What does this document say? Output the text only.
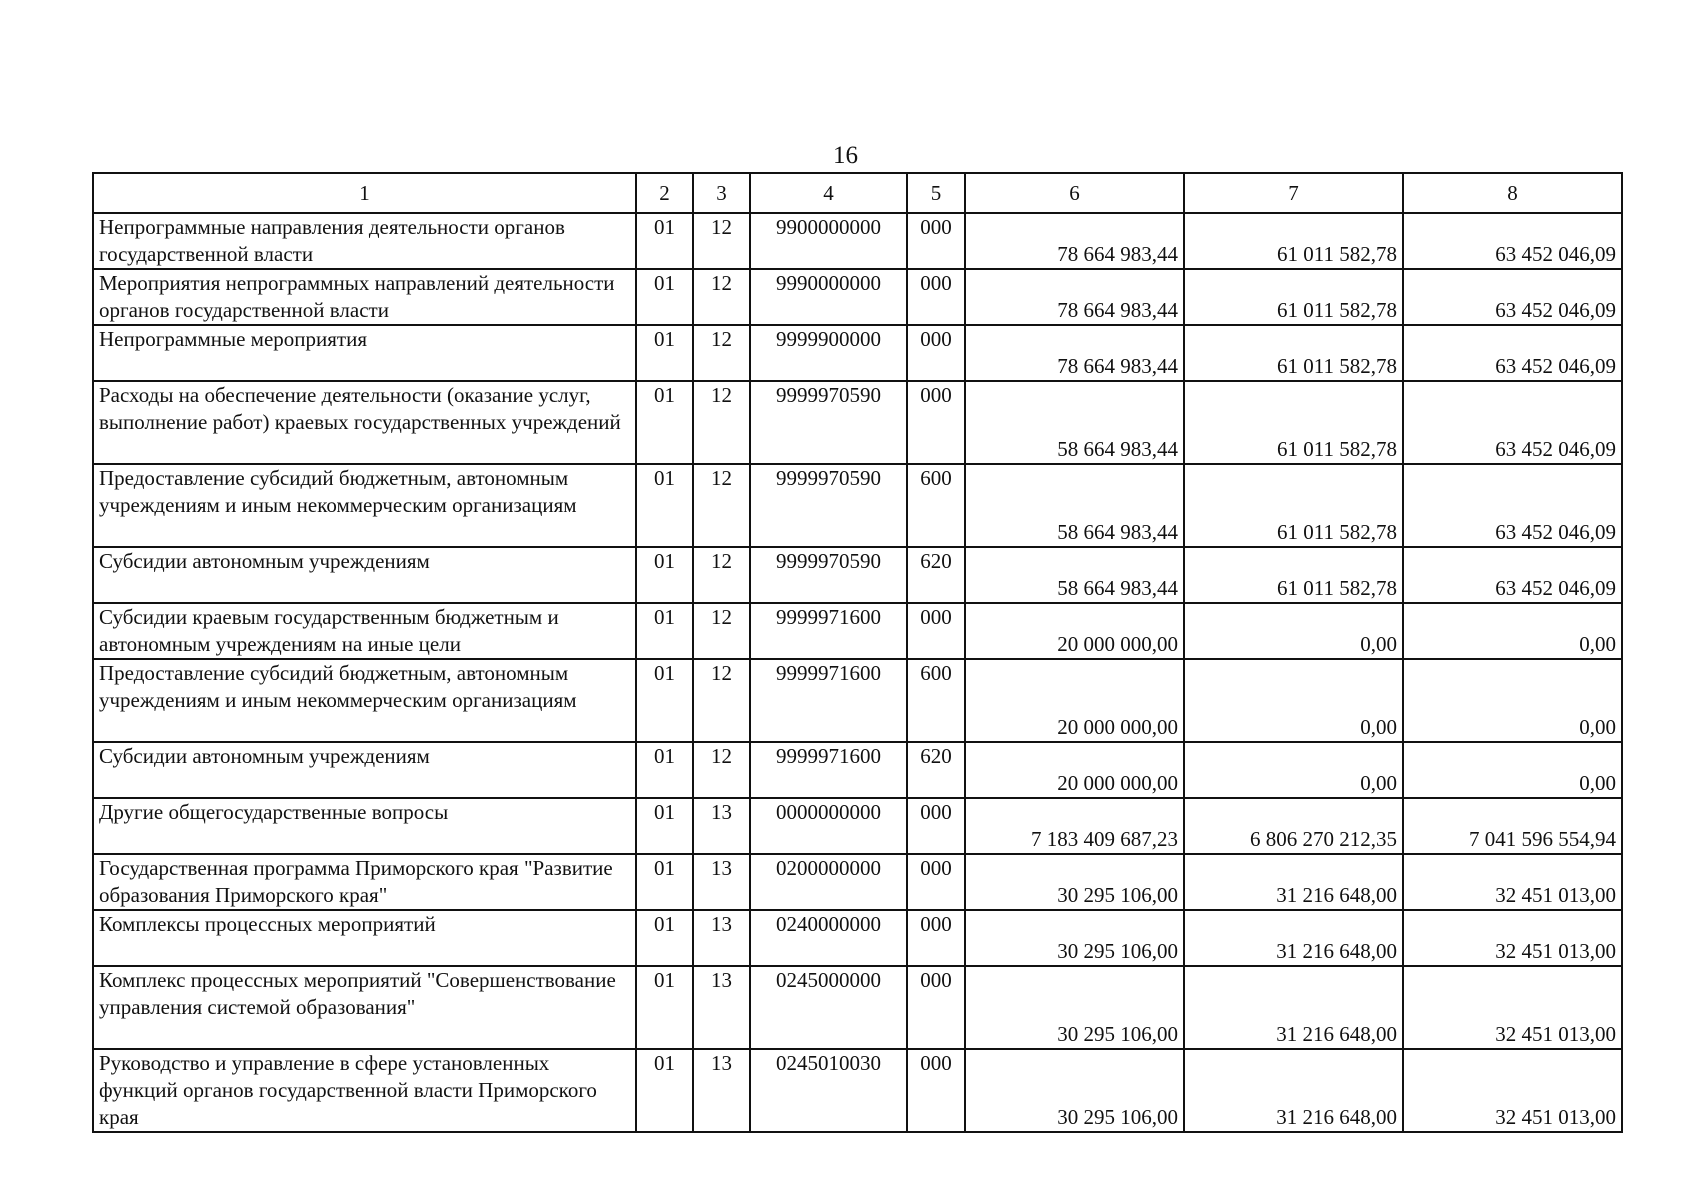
16
1	2	3	4	5	6	7	8
Непрограммные направления деятельности органов государственной власти	01	12	9900000000	000	78 664 983,44	61 011 582,78	63 452 046,09
Мероприятия непрограммных направлений деятельности органов государственной власти	01	12	9990000000	000	78 664 983,44	61 011 582,78	63 452 046,09
Непрограммные мероприятия	01	12	9999900000	000	78 664 983,44	61 011 582,78	63 452 046,09
Расходы на обеспечение деятельности (оказание услуг, выполнение работ) краевых государственных учреждений	01	12	9999970590	000	58 664 983,44	61 011 582,78	63 452 046,09
Предоставление субсидий бюджетным, автономным учреждениям и иным некоммерческим организациям	01	12	9999970590	600	58 664 983,44	61 011 582,78	63 452 046,09
Субсидии автономным учреждениям	01	12	9999970590	620	58 664 983,44	61 011 582,78	63 452 046,09
Субсидии краевым государственным бюджетным и автономным учреждениям на иные цели	01	12	9999971600	000	20 000 000,00	0,00	0,00
Предоставление субсидий бюджетным, автономным учреждениям и иным некоммерческим организациям	01	12	9999971600	600	20 000 000,00	0,00	0,00
Субсидии автономным учреждениям	01	12	9999971600	620	20 000 000,00	0,00	0,00
Другие общегосударственные вопросы	01	13	0000000000	000	7 183 409 687,23	6 806 270 212,35	7 041 596 554,94
Государственная программа Приморского края "Развитие образования Приморского края"	01	13	0200000000	000	30 295 106,00	31 216 648,00	32 451 013,00
Комплексы процессных мероприятий	01	13	0240000000	000	30 295 106,00	31 216 648,00	32 451 013,00
Комплекс процессных мероприятий "Совершенствование управления системой образования"	01	13	0245000000	000	30 295 106,00	31 216 648,00	32 451 013,00
Руководство и управление в сфере установленных функций органов государственной власти Приморского края	01	13	0245010030	000	30 295 106,00	31 216 648,00	32 451 013,00
